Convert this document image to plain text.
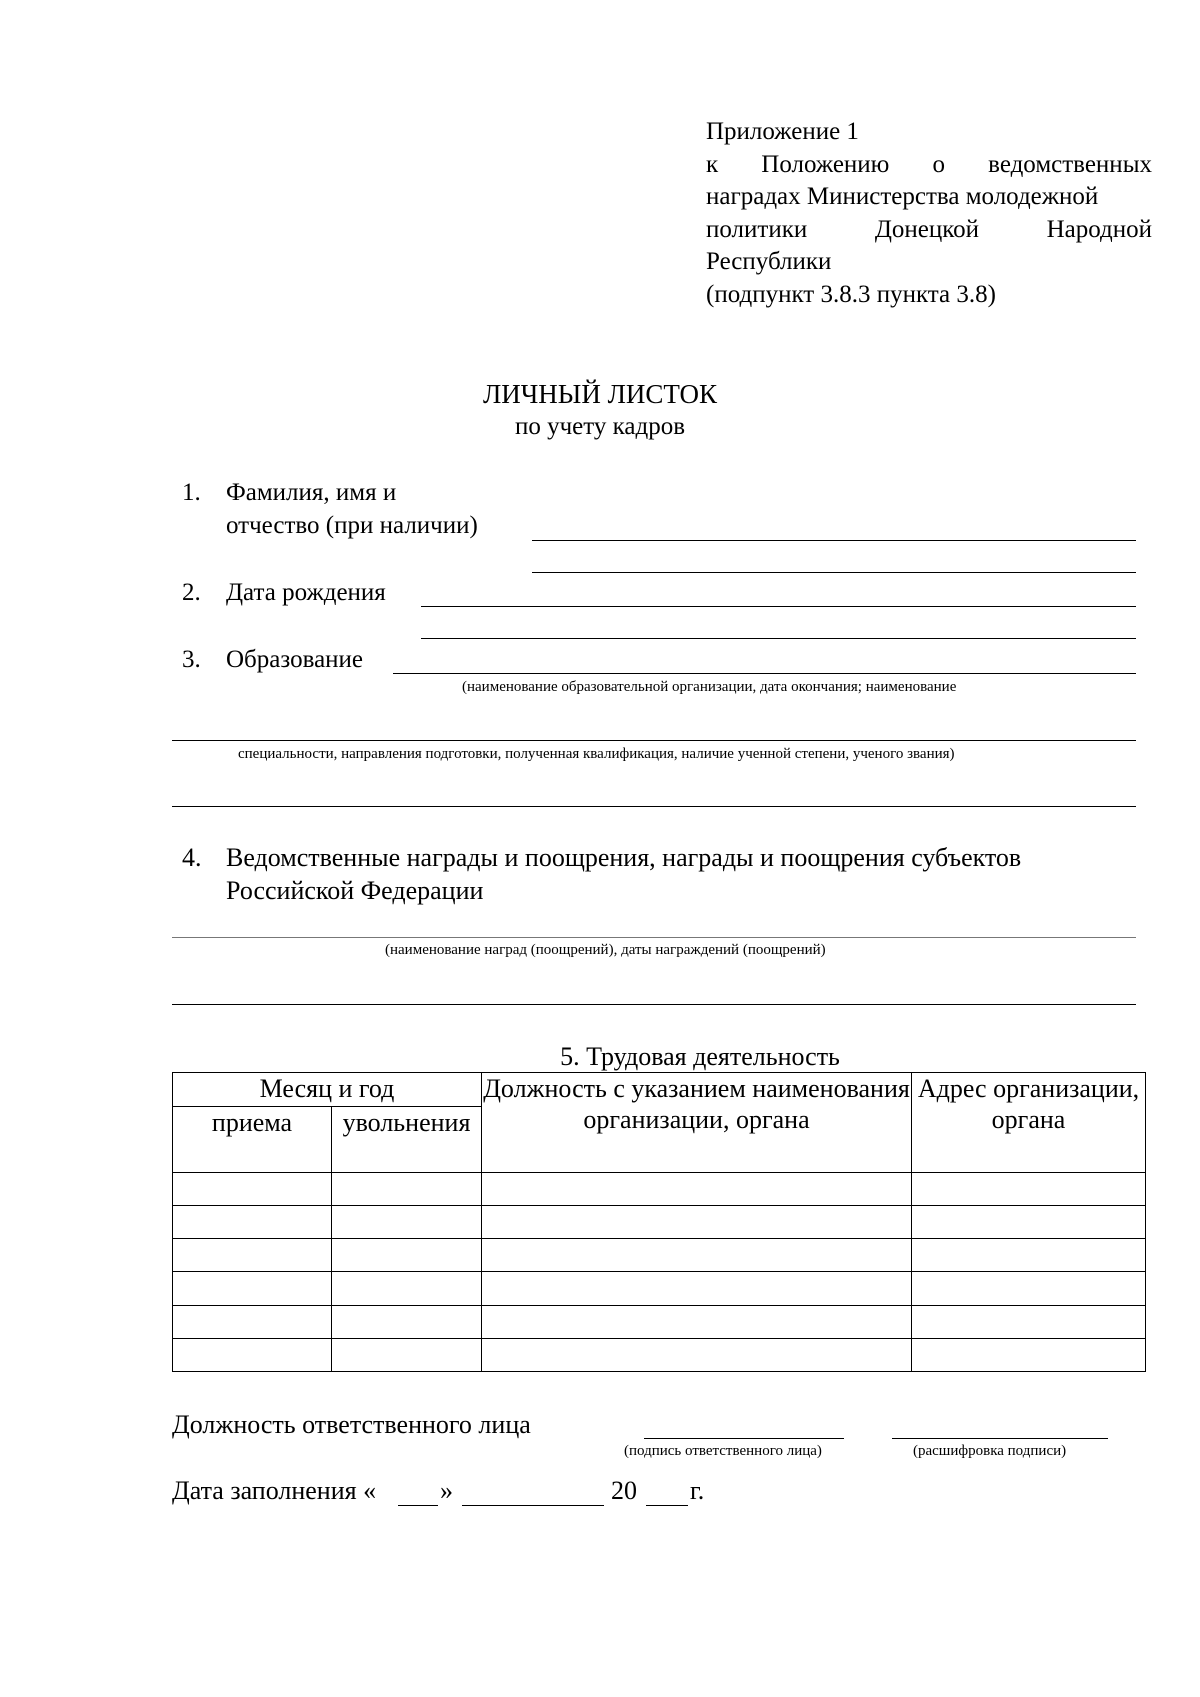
Приложение 1
к Положению о ведомственных
наградах Министерства молодежной
политики Донецкой Народной
Республики
(подпункт 3.8.3 пункта 3.8)
ЛИЧНЫЙ ЛИСТОК
по учету кадров
1. Фамилия, имя и
отчество (при наличии)
2. Дата рождения
3. Образование
(наименование образовательной организации, дата окончания; наименование
специальности, направления подготовки, полученная квалификация, наличие ученной степени, ученого звания)
4. Ведомственные награды и поощрения, награды и поощрения субъектов
Российской Федерации
(наименование наград (поощрений), даты награждений (поощрений)
5. Трудовая деятельность
Месяц и год		Должность с указанием наименования организации, органа	Адрес организации, органа
приема	увольнения		

Должность ответственного лица
(подпись ответственного лица)	(расшифровка подписи)
Дата заполнения « »	20 г.
